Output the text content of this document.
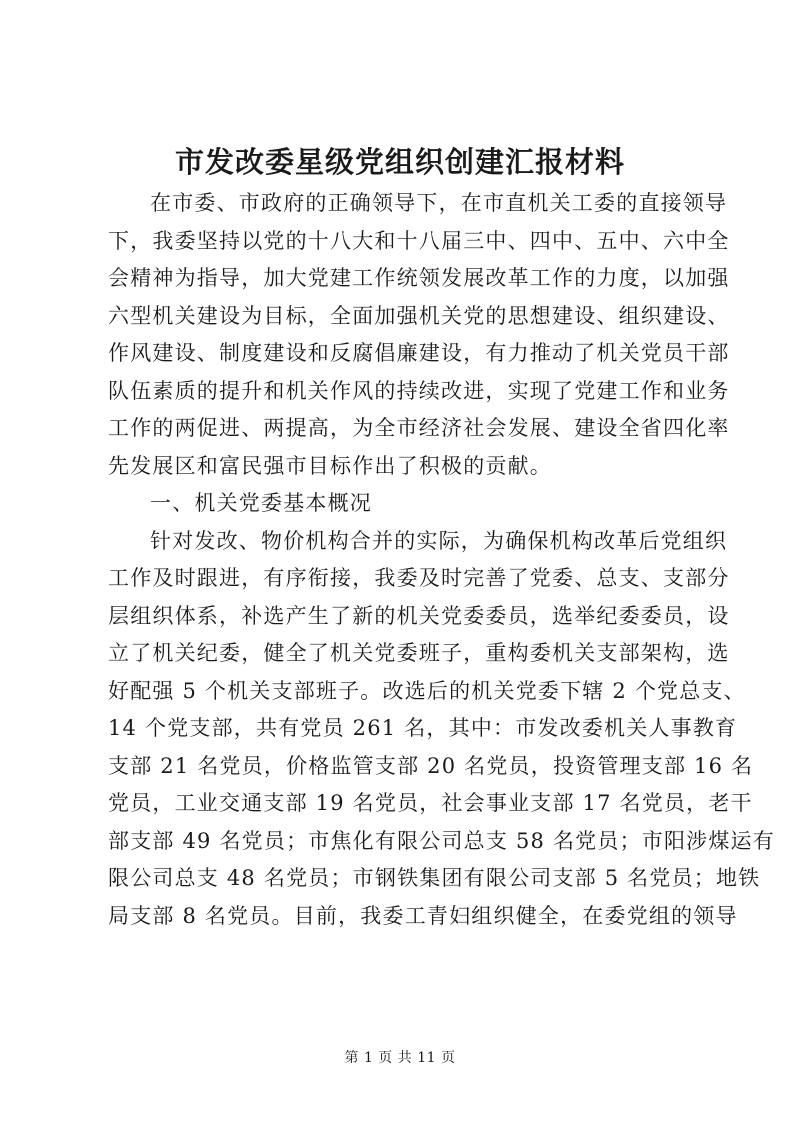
市发改委星级党组织创建汇报材料
在市委、市政府的正确领导下，在市直机关工委的直接领导
下，我委坚持以党的十八大和十八届三中、四中、五中、六中全
会精神为指导，加大党建工作统领发展改革工作的力度，以加强
六型机关建设为目标，全面加强机关党的思想建设、组织建设、
作风建设、制度建设和反腐倡廉建设，有力推动了机关党员干部
队伍素质的提升和机关作风的持续改进，实现了党建工作和业务
工作的两促进、两提高，为全市经济社会发展、建设全省四化率
先发展区和富民强市目标作出了积极的贡献。
一、机关党委基本概况
针对发改、物价机构合并的实际，为确保机构改革后党组织
工作及时跟进，有序衔接，我委及时完善了党委、总支、支部分
层组织体系，补选产生了新的机关党委委员，选举纪委委员，设
立了机关纪委，健全了机关党委班子，重构委机关支部架构，选
好配强 5 个机关支部班子。改选后的机关党委下辖 2 个党总支、
14 个党支部，共有党员 261 名，其中：市发改委机关人事教育
支部 21 名党员，价格监管支部 20 名党员，投资管理支部 16 名
党员，工业交通支部 19 名党员，社会事业支部 17 名党员，老干
部支部 49 名党员；市焦化有限公司总支 58 名党员；市阳涉煤运有
限公司总支 48 名党员；市钢铁集团有限公司支部 5 名党员；地铁
局支部 8 名党员。目前，我委工青妇组织健全，在委党组的领导
第 1 页 共 11 页
